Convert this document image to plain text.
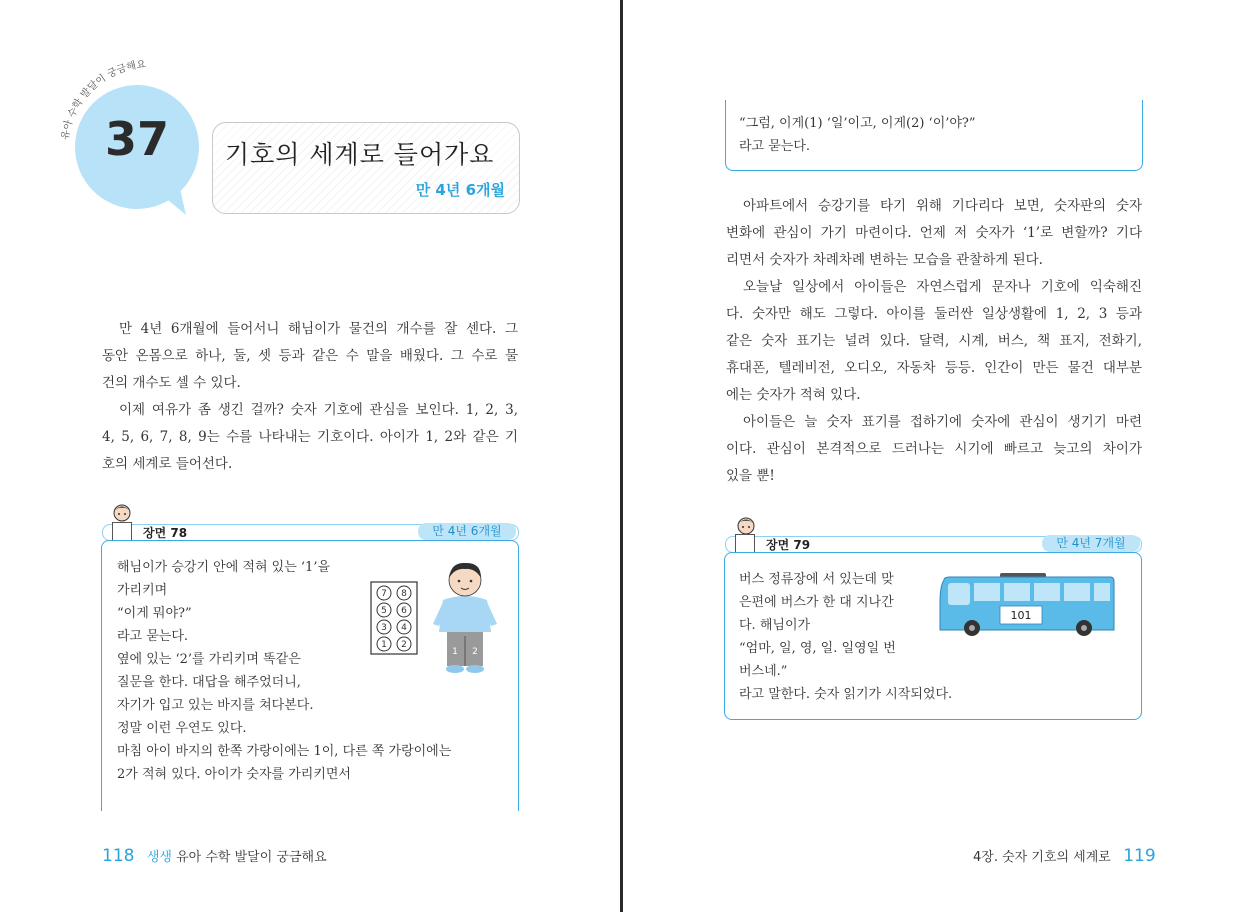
유아 수학 발달이 궁금해요
37	기호의 세계로 들어가요
만 4년 6개월

만 4년 6개월에 들어서니 해님이가 물건의 개수를 잘 센다. 그

동안 온몸으로 하나, 둘, 셋 등과 같은 수 말을 배웠다. 그 수로 물

건의 개수도 셀 수 있다.

이제 여유가 좀 생긴 걸까? 숫자 기호에 관심을 보인다. 1, 2, 3,

4, 5, 6, 7, 8, 9는 수를 나타내는 기호이다. 아이가 1, 2와 같은 기

호의 세계로 들어선다.

장면 78	만 4년 6개월
해님이가 승강기 안에 적혀 있는 ‘1’을
가리키며
“이게 뭐야?”
라고 묻는다.
옆에 있는 ‘2’를 가리키며 똑같은
질문을 한다. 대답을 해주었더니,
자기가 입고 있는 바지를 쳐다본다.
정말 이런 우연도 있다.
마침 아이 바지의 한쪽 가랑이에는 1이, 다른 쪽 가랑이에는
2가 적혀 있다. 아이가 숫자를 가리키면서
7 8
5 6
3 4
1 2
1 2
118 생생 유아 수학 발달이 궁금해요
“그럼, 이게(1) ‘일’이고, 이게(2) ‘이’야?”
라고 묻는다.

아파트에서 승강기를 타기 위해 기다리다 보면, 숫자판의 숫자

변화에 관심이 가기 마련이다. 언제 저 숫자가 ‘1’로 변할까? 기다

리면서 숫자가 차례차례 변하는 모습을 관찰하게 된다.

오늘날 일상에서 아이들은 자연스럽게 문자나 기호에 익숙해진

다. 숫자만 해도 그렇다. 아이를 둘러싼 일상생활에 1, 2, 3 등과

같은 숫자 표기는 널려 있다. 달력, 시계, 버스, 책 표지, 전화기,

휴대폰, 텔레비전, 오디오, 자동차 등등. 인간이 만든 물건 대부분

에는 숫자가 적혀 있다.

아이들은 늘 숫자 표기를 접하기에 숫자에 관심이 생기기 마련

이다. 관심이 본격적으로 드러나는 시기에 빠르고 늦고의 차이가

있을 뿐!

장면 79	만 4년 7개월
버스 정류장에 서 있는데 맞
은편에 버스가 한 대 지나간
다. 해님이가
“엄마, 일, 영, 일. 일영일 번
버스네.”
라고 말한다. 숫자 읽기가 시작되었다.
101
4장. 숫자 기호의 세계로 119
